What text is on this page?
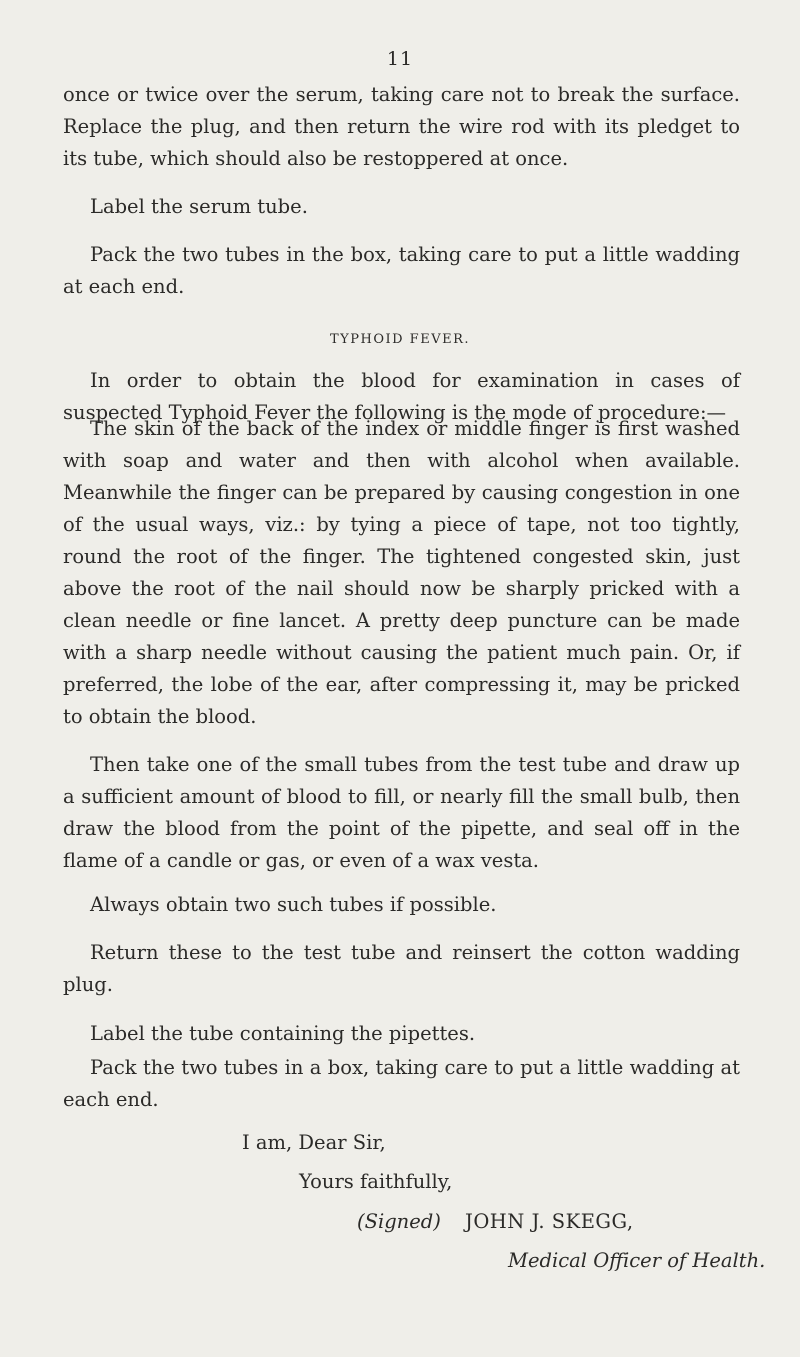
11

once or twice over the serum, taking care not to break the surface. Replace the plug, and then return the wire rod with its pledget to its tube, which should also be restoppered at once.

Label the serum tube.

Pack the two tubes in the box, taking care to put a little wadding at each end.

TYPHOID FEVER.

In order to obtain the blood for examination in cases of suspected Typhoid Fever the following is the mode of procedure:—

The skin of the back of the index or middle finger is first washed with soap and water and then with alcohol when available. Meanwhile the finger can be prepared by causing congestion in one of the usual ways, viz.: by tying a piece of tape, not too tightly, round the root of the finger. The tightened congested skin, just above the root of the nail should now be sharply pricked with a clean needle or fine lancet. A pretty deep puncture can be made with a sharp needle without causing the patient much pain. Or, if preferred, the lobe of the ear, after compressing it, may be pricked to obtain the blood.

Then take one of the small tubes from the test tube and draw up a sufficient amount of blood to fill, or nearly fill the small bulb, then draw the blood from the point of the pipette, and seal off in the flame of a candle or gas, or even of a wax vesta.

Always obtain two such tubes if possible.

Return these to the test tube and reinsert the cotton wadding plug.

Label the tube containing the pipettes.

Pack the two tubes in a box, taking care to put a little wadding at each end.

I am, Dear Sir,
Yours faithfully,
(Signed) JOHN J. SKEGG,
Medical Officer of Health.
